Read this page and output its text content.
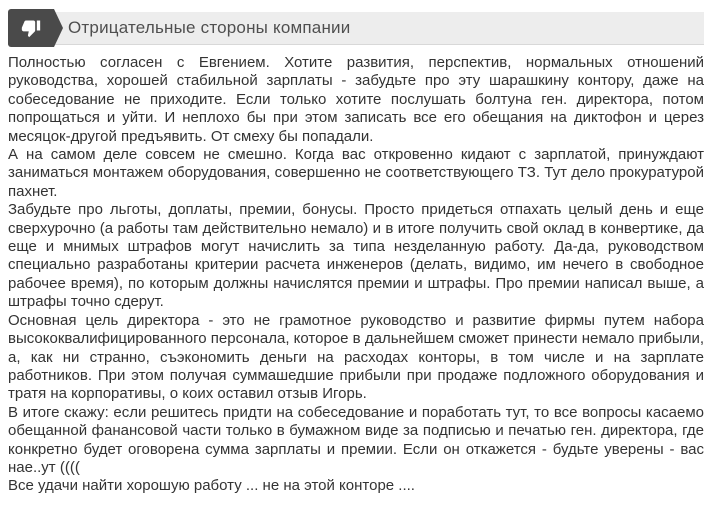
Отрицательные стороны компании

Полностью согласен с Евгением. Хотите развития, перспектив, нормальных отношений руководства, хорошей стабильной зарплаты - забудьте про эту шарашкину контору, даже на собеседование не приходите. Если только хотите послушать болтуна ген. директора, потом попрощаться и уйти. И неплохо бы при этом записать все его обещания на диктофон и церез месяцок-другой предъявить. От смеху бы попадали.

А на самом деле совсем не смешно. Когда вас откровенно кидают с зарплатой, принуждают заниматься монтажем оборудования, совершенно не соответствующего ТЗ. Тут дело прокуратурой пахнет.

Забудьте про льготы, доплаты, премии, бонусы. Просто придеться отпахать целый день и еще сверхурочно (а работы там действительно немало) и в итоге получить свой оклад в конвертике, да еще и мнимых штрафов могут начислить за типа незделанную работу. Да-да, руководством специально разработаны критерии расчета инженеров (делать, видимо, им нечего в свободное рабочее время), по которым должны начислятся премии и штрафы. Про премии написал выше, а штрафы точно сдерут.

Основная цель директора - это не грамотное руководство и развитие фирмы путем набора высококвалифицированного персонала, которое в дальнейшем сможет принести немало прибыли, а, как ни странно, съэкономить деньги на расходах конторы, в том числе и на зарплате работников. При этом получая суммашедшие прибыли при продаже подложного оборудования и тратя на корпоративы, о коих оставил отзыв Игорь.

В итоге скажу: если решитесь придти на собеседование и поработать тут, то все вопросы касаемо обещанной фанансовой части только в бумажном виде за подписью и печатью ген. директора, где конкретно будет оговорена сумма зарплаты и премии. Если он откажется - будьте уверены - вас нае..ут ((((

Все удачи найти хорошую работу ... не на этой конторе ....
